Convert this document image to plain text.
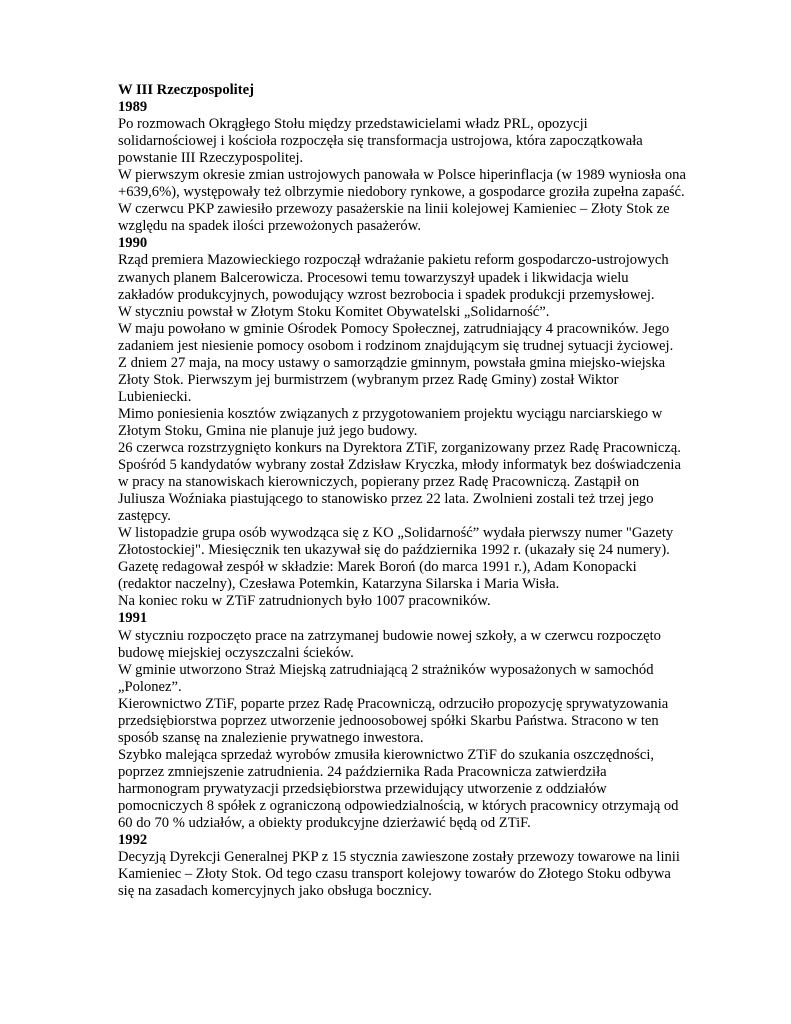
W III Rzeczpospolitej

1989

Po rozmowach Okrągłego Stołu między przedstawicielami władz PRL, opozycji solidarnościowej i kościoła rozpoczęła się transformacja ustrojowa, która zapoczątkowała powstanie III Rzeczypospolitej.

W pierwszym okresie zmian ustrojowych panowała w Polsce hiperinflacja (w 1989 wyniosła ona +639,6%), występowały też olbrzymie niedobory rynkowe, a gospodarce groziła zupełna zapaść.

W czerwcu PKP zawiesiło przewozy pasażerskie na linii kolejowej Kamieniec – Złoty Stok ze względu na spadek ilości przewożonych pasażerów.

1990

Rząd premiera Mazowieckiego rozpoczął wdrażanie pakietu reform gospodarczo-ustrojowych zwanych planem Balcerowicza. Procesowi temu towarzyszył upadek i likwidacja wielu zakładów produkcyjnych, powodujący wzrost bezrobocia i spadek produkcji przemysłowej.

W styczniu powstał w Złotym Stoku Komitet Obywatelski „Solidarność”.

W maju powołano w gminie Ośrodek Pomocy Społecznej, zatrudniający 4 pracowników. Jego zadaniem jest niesienie pomocy osobom i rodzinom znajdującym się trudnej sytuacji życiowej.

Z dniem 27 maja, na mocy ustawy o samorządzie gminnym, powstała gmina miejsko-wiejska Złoty Stok. Pierwszym jej burmistrzem (wybranym przez Radę Gminy) został Wiktor Lubieniecki.

Mimo poniesienia kosztów związanych z przygotowaniem projektu wyciągu narciarskiego w Złotym Stoku, Gmina nie planuje już jego budowy.

26 czerwca rozstrzygnięto konkurs na Dyrektora ZTiF, zorganizowany przez Radę Pracowniczą. Spośród 5 kandydatów wybrany został Zdzisław Kryczka, młody informatyk bez doświadczenia w pracy na stanowiskach kierowniczych, popierany przez Radę Pracowniczą. Zastąpił on Juliusza Woźniaka piastującego to stanowisko przez 22 lata. Zwolnieni zostali też trzej jego zastępcy.

W listopadzie grupa osób wywodząca się z KO „Solidarność” wydała pierwszy numer "Gazety Złotostockiej". Miesięcznik ten ukazywał się do października 1992 r. (ukazały się 24 numery). Gazetę redagował zespół w składzie: Marek Boroń (do marca 1991 r.), Adam Konopacki (redaktor naczelny), Czesława Potemkin, Katarzyna Silarska i Maria Wisła.

Na koniec roku w ZTiF zatrudnionych było 1007 pracowników.

1991

W styczniu rozpoczęto prace na zatrzymanej budowie nowej szkoły, a w czerwcu rozpoczęto budowę miejskiej oczyszczalni ścieków.

W gminie utworzono Straż Miejską zatrudniającą 2 strażników wyposażonych w samochód „Polonez”.

Kierownictwo ZTiF, poparte przez Radę Pracowniczą, odrzuciło propozycję sprywatyzowania przedsiębiorstwa poprzez utworzenie jednoosobowej spółki Skarbu Państwa. Stracono w ten sposób szansę na znalezienie prywatnego inwestora.

Szybko malejąca sprzedaż wyrobów zmusiła kierownictwo ZTiF do szukania oszczędności, poprzez zmniejszenie zatrudnienia. 24 października Rada Pracownicza zatwierdziła harmonogram prywatyzacji przedsiębiorstwa przewidujący utworzenie z oddziałów pomocniczych 8 spółek z ograniczoną odpowiedzialnością, w których pracownicy otrzymają od 60 do 70 % udziałów, a obiekty produkcyjne dzierżawić będą od ZTiF.

1992

Decyzją Dyrekcji Generalnej PKP z 15 stycznia zawieszone zostały przewozy towarowe na linii Kamieniec – Złoty Stok. Od tego czasu transport kolejowy towarów do Złotego Stoku odbywa się na zasadach komercyjnych jako obsługa bocznicy.
